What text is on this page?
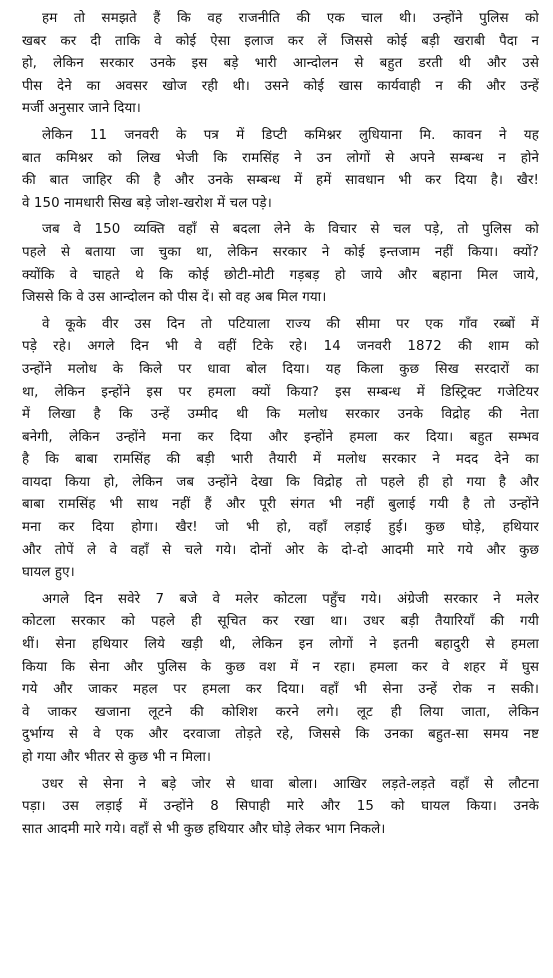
हम तो समझते हैं कि वह राजनीति की एक चाल थी। उन्होंने पुलिस को
खबर कर दी ताकि वे कोई ऐसा इलाज कर लें जिससे कोई बड़ी खराबी पैदा न
हो, लेकिन सरकार उनके इस बड़े भारी आन्दोलन से बहुत डरती थी और उसे
पीस देने का अवसर खोज रही थी। उसने कोई खास कार्यवाही न की और उन्हें
मर्जी अनुसार जाने दिया।
लेकिन 11 जनवरी के पत्र में डिप्टी कमिश्नर लुधियाना मि. कावन ने यह
बात कमिश्नर को लिख भेजी कि रामसिंह ने उन लोगों से अपने सम्बन्ध न होने
की बात जाहिर की है और उनके सम्बन्ध में हमें सावधान भी कर दिया है। खैर!
वे 150 नामधारी सिख बड़े जोश-खरोश में चल पड़े।
जब वे 150 व्यक्ति वहाँ से बदला लेने के विचार से चल पड़े, तो पुलिस को
पहले से बताया जा चुका था, लेकिन सरकार ने कोई इन्तजाम नहीं किया। क्यों?
क्योंकि वे चाहते थे कि कोई छोटी-मोटी गड़बड़ हो जाये और बहाना मिल जाये,
जिससे कि वे उस आन्दोलन को पीस दें। सो वह अब मिल गया।
वे कूके वीर उस दिन तो पटियाला राज्य की सीमा पर एक गाँव रब्बों में
पड़े रहे। अगले दिन भी वे वहीं टिके रहे। 14 जनवरी 1872 की शाम को
उन्होंने मलोध के किले पर धावा बोल दिया। यह किला कुछ सिख सरदारों का
था, लेकिन इन्होंने इस पर हमला क्यों किया? इस सम्बन्ध में डिस्ट्रिक्ट गजेटियर
में लिखा है कि उन्हें उम्मीद थी कि मलोध सरकार उनके विद्रोह की नेता
बनेगी, लेकिन उन्होंने मना कर दिया और इन्होंने हमला कर दिया। बहुत सम्भव
है कि बाबा रामसिंह की बड़ी भारी तैयारी में मलोध सरकार ने मदद देने का
वायदा किया हो, लेकिन जब उन्होंने देखा कि विद्रोह तो पहले ही हो गया है और
बाबा रामसिंह भी साथ नहीं हैं और पूरी संगत भी नहीं बुलाई गयी है तो उन्होंने
मना कर दिया होगा। खैर! जो भी हो, वहाँ लड़ाई हुई। कुछ घोड़े, हथियार
और तोपें ले वे वहाँ से चले गये। दोनों ओर के दो-दो आदमी मारे गये और कुछ
घायल हुए।
अगले दिन सवेरे 7 बजे वे मलेर कोटला पहुँच गये। अंग्रेजी सरकार ने मलेर
कोटला सरकार को पहले ही सूचित कर रखा था। उधर बड़ी तैयारियाँ की गयी
थीं। सेना हथियार लिये खड़ी थी, लेकिन इन लोगों ने इतनी बहादुरी से हमला
किया कि सेना और पुलिस के कुछ वश में न रहा। हमला कर वे शहर में घुस
गये और जाकर महल पर हमला कर दिया। वहाँ भी सेना उन्हें रोक न सकी।
वे जाकर खजाना लूटने की कोशिश करने लगे। लूट ही लिया जाता, लेकिन
दुर्भाग्य से वे एक और दरवाजा तोड़ते रहे, जिससे कि उनका बहुत-सा समय नष्ट
हो गया और भीतर से कुछ भी न मिला।
उधर से सेना ने बड़े जोर से धावा बोला। आखिर लड़ते-लड़ते वहाँ से लौटना
पड़ा। उस लड़ाई में उन्होंने 8 सिपाही मारे और 15 को घायल किया। उनके
सात आदमी मारे गये। वहाँ से भी कुछ हथियार और घोड़े लेकर भाग निकले।
